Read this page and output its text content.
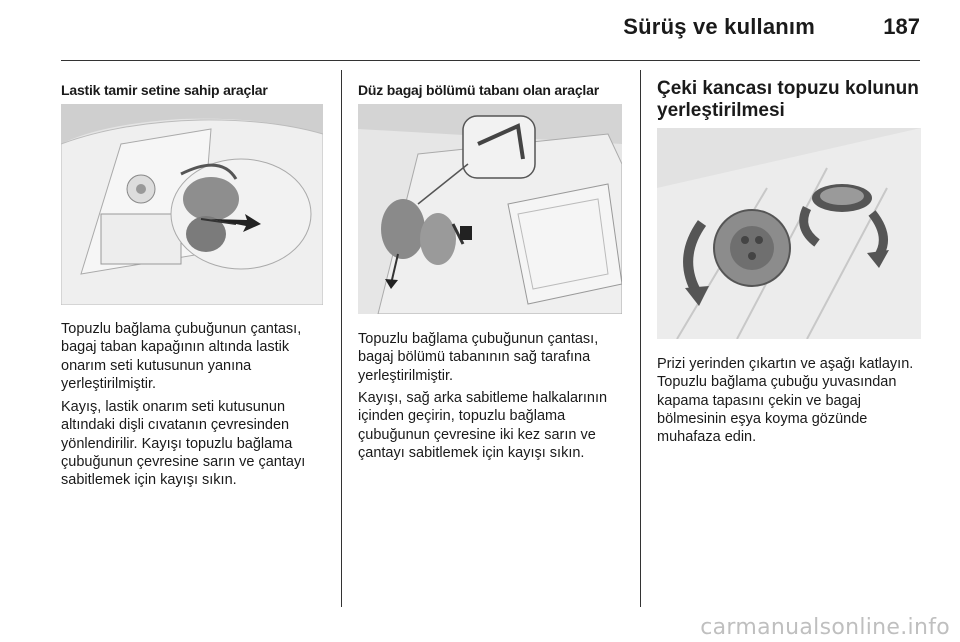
Sürüş ve kullanım	187
Lastik tamir setine sahip araçlar

Topuzlu bağlama çubuğunun çantası, bagaj taban kapağının altında lastik onarım seti kutusunun yanına yerleştirilmiştir.

Kayış, lastik onarım seti kutusunun altındaki dişli cıvatanın çevresinden yönlendirilir. Kayışı topuzlu bağlama çubuğunun çevresine sarın ve çantayı sabitlemek için kayışı sıkın.

Düz bagaj bölümü tabanı olan araçlar

Topuzlu bağlama çubuğunun çantası, bagaj bölümü tabanının sağ tarafına yerleştirilmiştir.

Kayışı, sağ arka sabitleme halkalarının içinden geçirin, topuzlu bağlama çubuğunun çevresine iki kez sarın ve çantayı sabitlemek için kayışı sıkın.

Çeki kancası topuzu kolunun yerleştirilmesi

Prizi yerinden çıkartın ve aşağı katlayın. Topuzlu bağlama çubuğu yuvasından kapama tapasını çekin ve bagaj bölmesinin eşya koyma gözünde muhafaza edin.

carmanualsonline.info
